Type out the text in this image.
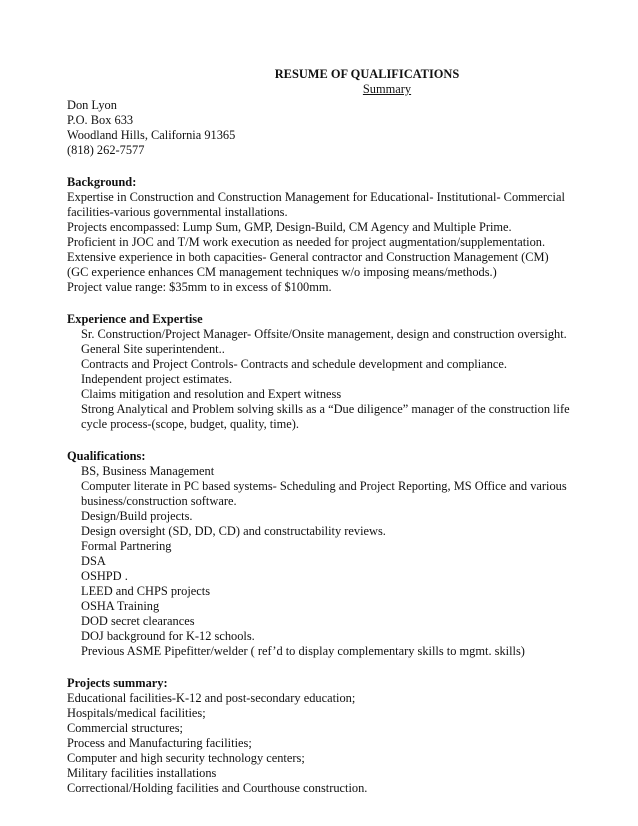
RESUME OF QUALIFICATIONS
Summary
Don Lyon
P.O. Box 633
Woodland Hills, California 91365
(818) 262-7577
Background:
Expertise in Construction and Construction Management for Educational- Institutional- Commercial
facilities-various governmental installations.
Projects encompassed: Lump Sum, GMP, Design-Build, CM Agency and Multiple Prime.
Proficient in JOC and T/M work execution as needed for project augmentation/supplementation.
Extensive experience in both capacities- General contractor and Construction Management (CM)
(GC experience enhances CM management techniques w/o imposing means/methods.)
Project value range: $35mm to in excess of $100mm.
Experience and Expertise
Sr. Construction/Project Manager- Offsite/Onsite management, design and construction oversight.
General Site superintendent..
Contracts and Project Controls- Contracts and schedule development and compliance.
Independent project estimates.
Claims mitigation and resolution and Expert witness
Strong Analytical and Problem solving skills as a “Due diligence” manager of the construction life
cycle process-(scope, budget, quality, time).
Qualifications:
BS, Business Management
Computer literate in PC based systems- Scheduling and Project Reporting, MS Office and various
business/construction software.
Design/Build projects.
Design oversight (SD, DD, CD) and constructability reviews.
Formal Partnering
DSA
OSHPD .
LEED and CHPS projects
OSHA Training
DOD secret clearances
DOJ background for K-12 schools.
Previous ASME Pipefitter/welder ( ref’d to display complementary skills to mgmt. skills)
Projects summary:
Educational facilities-K-12 and post-secondary education;
Hospitals/medical facilities;
Commercial structures;
Process and Manufacturing facilities;
Computer and high security technology centers;
Military facilities installations
Correctional/Holding facilities and Courthouse construction.
